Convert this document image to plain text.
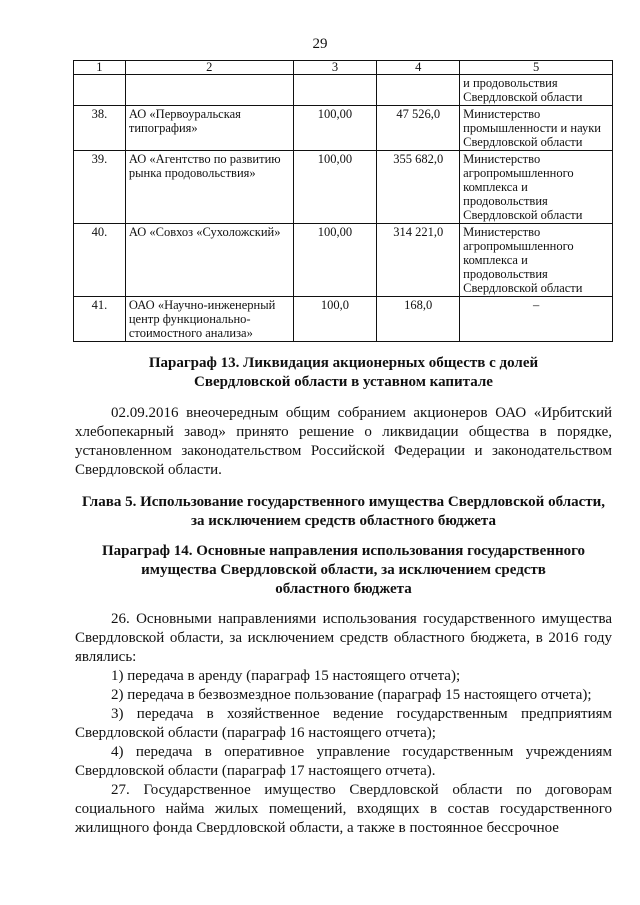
29
1	2	3	4	5
				и продовольствия Свердловской области
38.	АО «Первоуральская типография»	100,00	47 526,0	Министерство промышленности и науки Свердловской области
39.	АО «Агентство по развитию рынка продовольствия»	100,00	355 682,0	Министерство агропромышленного комплекса и продовольствия Свердловской области
40.	АО «Совхоз «Сухоложский»	100,00	314 221,0	Министерство агропромышленного комплекса и продовольствия Свердловской области
41.	ОАО «Научно-инженерный центр функционально-стоимостного анализа»	100,0	168,0	–
Параграф 13. Ликвидация акционерных обществ с долей
Свердловской области в уставном капитале

02.09.2016 внеочередным общим собранием акционеров ОАО «Ирбитский хлебопекарный завод» принято решение о ликвидации общества в порядке, установленном законодательством Российской Федерации и законодательством Свердловской области.

Глава 5. Использование государственного имущества Свердловской области,
за исключением средств областного бюджета
Параграф 14. Основные направления использования государственного
имущества Свердловской области, за исключением средств
областного бюджета

26. Основными направлениями использования государственного имущества Свердловской области, за исключением средств областного бюджета, в 2016 году являлись:

1) передача в аренду (параграф 15 настоящего отчета);

2) передача в безвозмездное пользование (параграф 15 настоящего отчета);

3) передача в хозяйственное ведение государственным предприятиям Свердловской области (параграф 16 настоящего отчета);

4) передача в оперативное управление государственным учреждениям Свердловской области (параграф 17 настоящего отчета).

27. Государственное имущество Свердловской области по договорам социального найма жилых помещений, входящих в состав государственного жилищного фонда Свердловской области, а также в постоянное бессрочное
